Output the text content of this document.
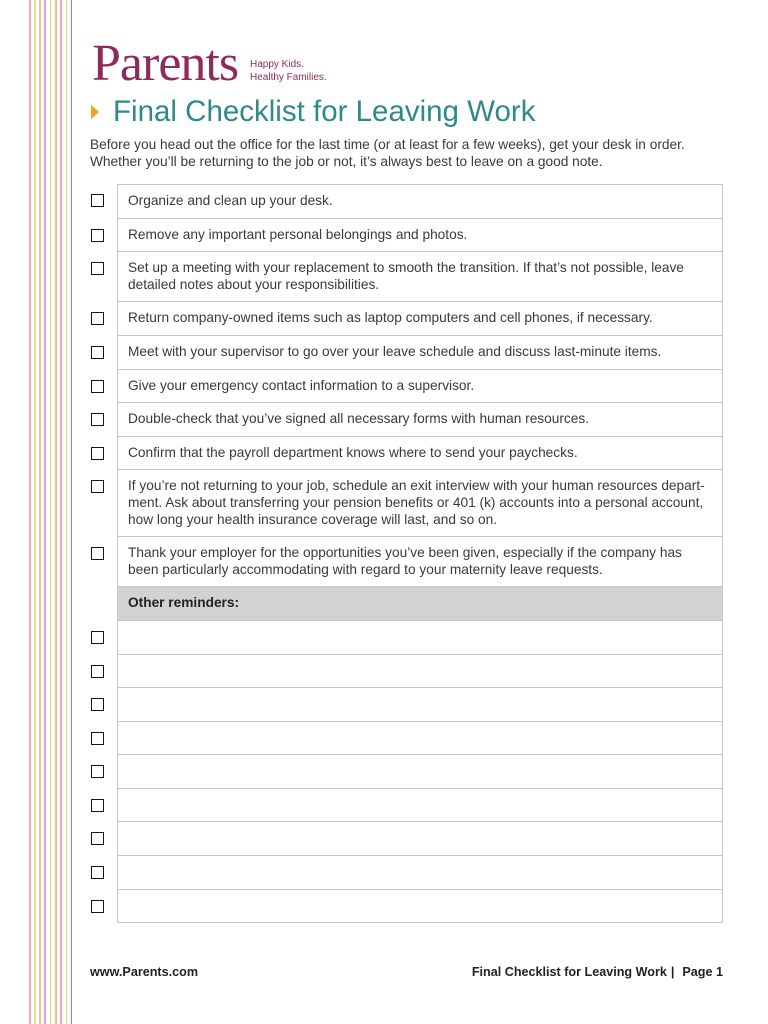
Parents Happy Kids.
Healthy Families.
Final Checklist for Leaving Work

Before you head out the office for the last time (or at least for a few weeks), get your desk in order.
Whether you’ll be returning to the job or not, it’s always best to leave on a good note.

Organize and clean up your desk.
Remove any important personal belongings and photos.
Set up a meeting with your replacement to smooth the transition. If that’s not possible, leave
detailed notes about your responsibilities.
Return company-owned items such as laptop computers and cell phones, if necessary.
Meet with your supervisor to go over your leave schedule and discuss last-minute items.
Give your emergency contact information to a supervisor.
Double-check that you’ve signed all necessary forms with human resources.
Confirm that the payroll department knows where to send your paychecks.
If you’re not returning to your job, schedule an exit interview with your human resources depart-
ment. Ask about transferring your pension benefits or 401 (k) accounts into a personal account,
how long your health insurance coverage will last, and so on.
Thank your employer for the opportunities you’ve been given, especially if the company has
been particularly accommodating with regard to your maternity leave requests.
Other reminders:
www.Parents.com	Final Checklist for Leaving Work | Page 1
